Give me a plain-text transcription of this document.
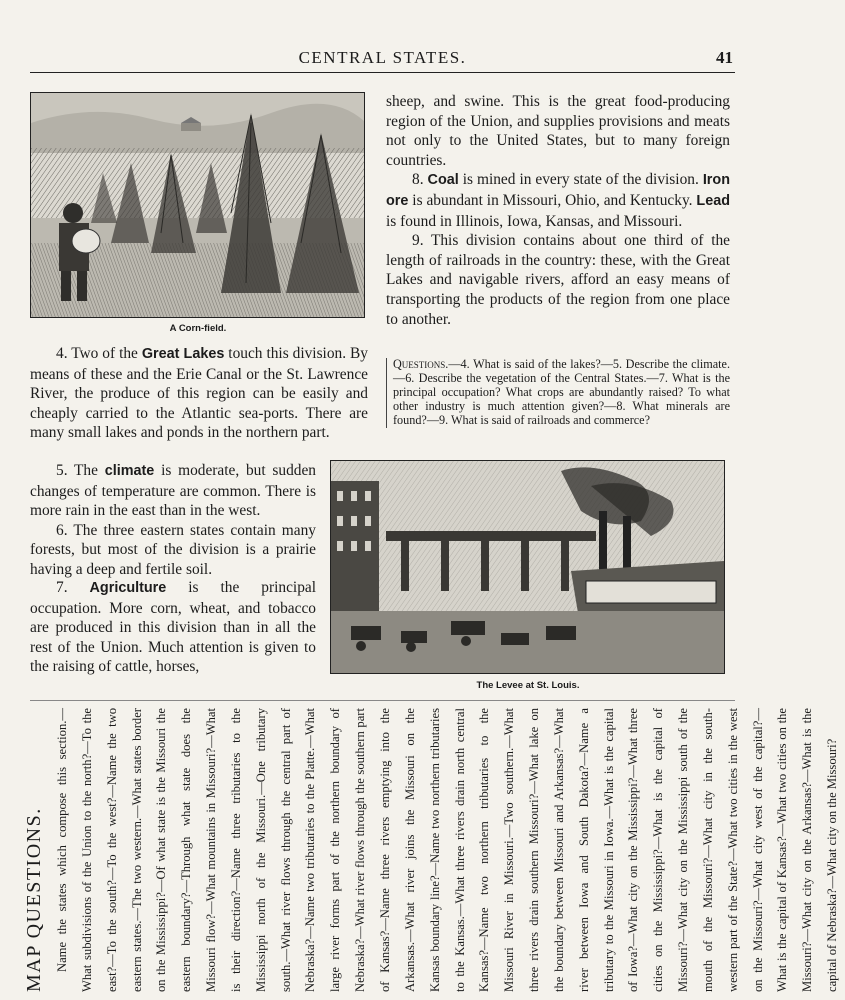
CENTRAL STATES.	41
A Corn-field.

sheep, and swine. This is the great food-producing region of the Union, and supplies provisions and meats not only to the United States, but to many foreign countries.

8. Coal is mined in every state of the division. Iron ore is abundant in Missouri, Ohio, and Kentucky. Lead is found in Illinois, Iowa, Kansas, and Missouri.

9. This division contains about one third of the length of railroads in the country: these, with the Great Lakes and navigable rivers, afford an easy means of transporting the products of the region from one place to another.

Questions.—4. What is said of the lakes?—5. Describe the climate.—6. Describe the vegetation of the Central States.—7. What is the principal occupation? What crops are abundantly raised? To what other industry is much attention given?—8. What minerals are found?—9. What is said of railroads and commerce?

4. Two of the Great Lakes touch this division. By means of these and the Erie Canal or the St. Lawrence River, the produce of this region can be easily and cheaply carried to the Atlantic sea-ports. There are many small lakes and ponds in the northern part.

5. The climate is moderate, but sudden changes of temperature are common. There is more rain in the east than in the west.

6. The three eastern states contain many forests, but most of the division is a prairie having a deep and fertile soil.

7. Agriculture is the principal occupation. More corn, wheat, and tobacco are produced in this division than in all the rest of the Union. Much attention is given to the raising of cattle, horses,

The Levee at St. Louis.
MAP QUESTIONS. Name the states which compose this section.—What subdivisions of the Union to the north?—To the east?—To the south?—To the west?—Name the two eastern states.—The two western.—What states border on the Mississippi?—Of what state is the Missouri the eastern boundary?—Through what state does the Missouri flow?—What mountains in Missouri?—What is their direction?—Name three tributaries to the Mississippi north of the Missouri.—One tributary south.—What river flows through the central part of Nebraska?—Name two tributaries to the Platte.—What large river forms part of the northern boundary of Nebraska?—What river flows through the southern part of Kansas?—Name three rivers emptying into the Arkansas.—What river joins the Missouri on the Kansas boundary line?—Name two northern tributaries to the Kansas.—What three rivers drain north central Kansas?—Name two northern tributaries to the Missouri River in Missouri.—Two southern.—What three rivers drain southern Missouri?—What lake on the boundary between Missouri and Arkansas?—What river between Iowa and South Dakota?—Name a tributary to the Missouri in Iowa.—What is the capital of Iowa?—What city on the Mississippi?—What three cities on the Mississippi?—What is the capital of Missouri?—What city on the Mississippi south of the mouth of the Missouri?—What city in the south-western part of the State?—What two cities in the west on the Missouri?—What city west of the capital?—What is the capital of Kansas?—What two cities on the Missouri?—What city on the Arkansas?—What is the capital of Nebraska?—What city on the Missouri?
